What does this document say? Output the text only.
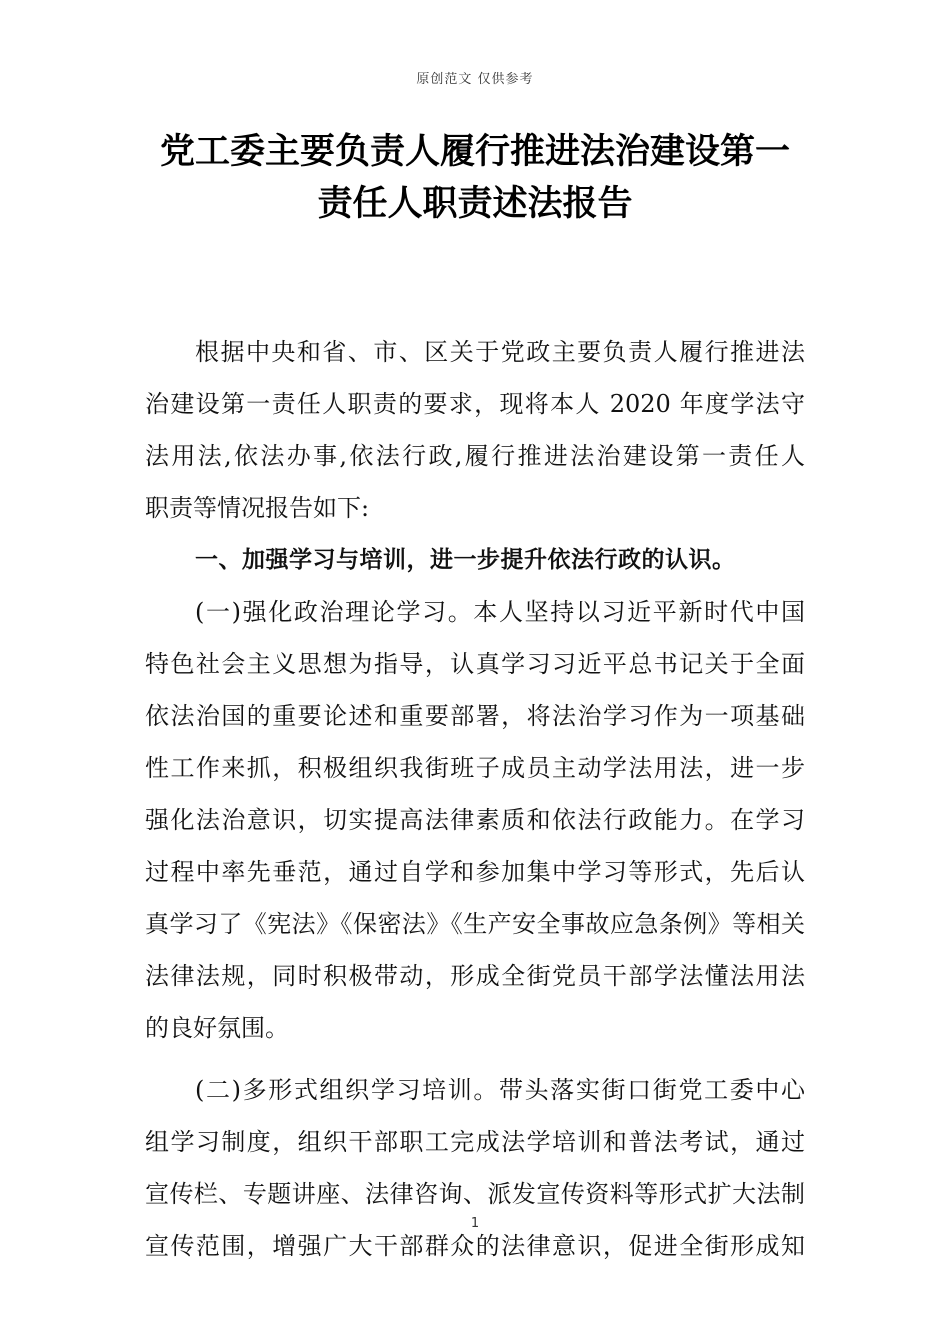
原创范文 仅供参考
党工委主要负责人履行推进法治建设第一
责任人职责述法报告
根据中央和省、市、区关于党政主要负责人履行推进法
治建设第一责任人职责的要求，现将本人 2020 年度学法守
法用法,依法办事,依法行政,履行推进法治建设第一责任人
职责等情况报告如下:
一、加强学习与培训，进一步提升依法行政的认识。
(一)强化政治理论学习。本人坚持以习近平新时代中国
特色社会主义思想为指导，认真学习习近平总书记关于全面
依法治国的重要论述和重要部署，将法治学习作为一项基础
性工作来抓，积极组织我街班子成员主动学法用法，进一步
强化法治意识，切实提高法律素质和依法行政能力。在学习
过程中率先垂范，通过自学和参加集中学习等形式，先后认
真学习了《宪法》《保密法》《生产安全事故应急条例》等相关
法律法规，同时积极带动，形成全街党员干部学法懂法用法
的良好氛围。
(二)多形式组织学习培训。带头落实街口街党工委中心
组学习制度，组织干部职工完成法学培训和普法考试，通过
宣传栏、专题讲座、法律咨询、派发宣传资料等形式扩大法制
宣传范围，增强广大干部群众的法律意识，促进全街形成知
1
